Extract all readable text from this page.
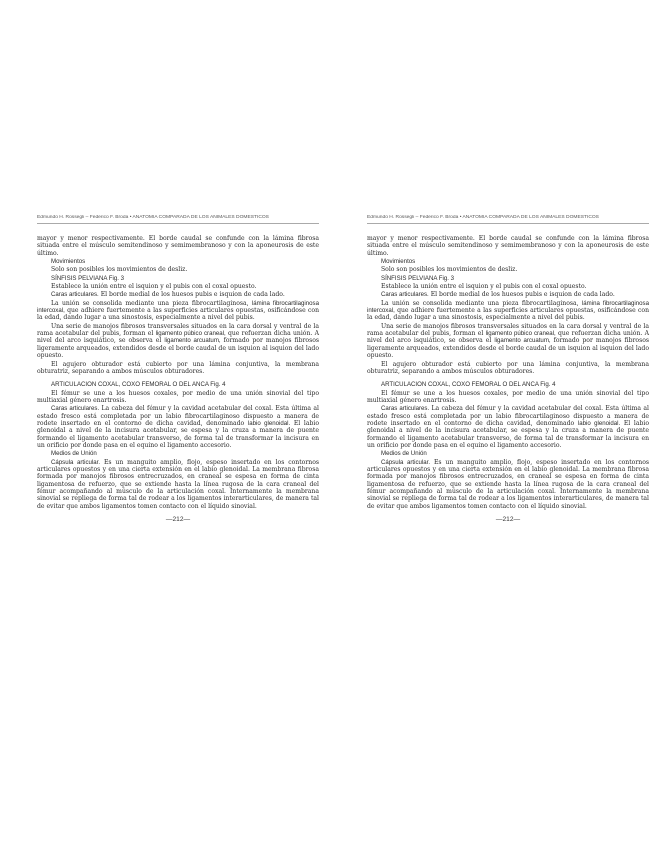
Edmundo H. Rossegli – Federico F. Broda • ANATOMIA COMPARADA DE LOS ANIMALES DOMESTICOS

mayor y menor respectivamente. El borde caudal se confunde con la lámina fibrosa situada entre el músculo semitendinoso y semimembranoso y con la aponeurosis de este último.

Movimientos

Solo son posibles los movimientos de desliz.

SÍNFISIS PELVIANA Fig. 3

Establece la unión entre el isquion y el pubis con el coxal opuesto.

Caras articulares. El borde medial de los huesos pubis e isquion de cada lado.

La unión se consolida mediante una pieza fibrocartilaginosa, lámina fibrocartilaginosa intercoxal, que adhiere fuertemente a las superficies articulares opuestas, osificándose con la edad, dando lugar a una sinostosis, especialmente a nivel del pubis.

Una serie de manojos fibrosos transversales situados en la cara dorsal y ventral de la rama acetabular del pubis, forman el ligamento púbico craneal, que refuerzan dicha unión. A nivel del arco isquiático, se observa el ligamento arcuatum, formado por manojos fibrosos ligeramente arqueados, extendidos desde el borde caudal de un isquion al isquion del lado opuesto.

El agujero obturador está cubierto por una lámina conjuntiva, la membrana obturatriz, separando a ambos músculos obturadores.

ARTICULACION COXAL, COXO FEMORAL O DEL ANCA Fig. 4

El fémur se une a los huesos coxales, por medio de una unión sinovial del tipo multiaxial género enartrosis.

Caras articulares. La cabeza del fémur y la cavidad acetabular del coxal. Esta última al estado fresco está completada por un labio fibrocartilaginoso dispuesto a manera de rodete insertado en el contorno de dicha cavidad, denominado labio glenoidal. El labio glenoidal a nivel de la incisura acetabular, se espesa y la cruza a manera de puente formando el ligamento acetabular transverso, de forma tal de transformar la incisura en un orificio por donde pasa en el equino el ligamento accesorio.

Medios de Unión

Cápsula articular. Es un manguito amplio, flojo, espeso insertado en los contornos articulares opuestos y en una cierta extensión en el labio glenoidal. La membrana fibrosa formada por manojos fibrosos entrecruzados, en craneal se espesa en forma de cinta ligamentosa de refuerzo, que se extiende hasta la línea rugosa de la cara craneal del fémur acompañando al músculo de la articulación coxal. Internamente la membrana sinovial se repliega de forma tal de rodear a los ligamentos interarticulares, de manera tal de evitar que ambos ligamentos tomen contacto con el líquido sinovial.

—212—
Edmundo H. Rossegli – Federico F. Broda • ANATOMIA COMPARADA DE LOS ANIMALES DOMESTICOS

mayor y menor respectivamente. El borde caudal se confunde con la lámina fibrosa situada entre el músculo semitendinoso y semimembranoso y con la aponeurosis de este último.

Movimientos

Solo son posibles los movimientos de desliz.

SÍNFISIS PELVIANA Fig. 3

Establece la unión entre el isquion y el pubis con el coxal opuesto.

Caras articulares. El borde medial de los huesos pubis e isquion de cada lado.

La unión se consolida mediante una pieza fibrocartilaginosa, lámina fibrocartilaginosa intercoxal, que adhiere fuertemente a las superficies articulares opuestas, osificándose con la edad, dando lugar a una sinostosis, especialmente a nivel del pubis.

Una serie de manojos fibrosos transversales situados en la cara dorsal y ventral de la rama acetabular del pubis, forman el ligamento púbico craneal, que refuerzan dicha unión. A nivel del arco isquiático, se observa el ligamento arcuatum, formado por manojos fibrosos ligeramente arqueados, extendidos desde el borde caudal de un isquion al isquion del lado opuesto.

El agujero obturador está cubierto por una lámina conjuntiva, la membrana obturatriz, separando a ambos músculos obturadores.

ARTICULACION COXAL, COXO FEMORAL O DEL ANCA Fig. 4

El fémur se une a los huesos coxales, por medio de una unión sinovial del tipo multiaxial género enartrosis.

Caras articulares. La cabeza del fémur y la cavidad acetabular del coxal. Esta última al estado fresco está completada por un labio fibrocartilaginoso dispuesto a manera de rodete insertado en el contorno de dicha cavidad, denominado labio glenoidal. El labio glenoidal a nivel de la incisura acetabular, se espesa y la cruza a manera de puente formando el ligamento acetabular transverso, de forma tal de transformar la incisura en un orificio por donde pasa en el equino el ligamento accesorio.

Medios de Unión

Cápsula articular. Es un manguito amplio, flojo, espeso insertado en los contornos articulares opuestos y en una cierta extensión en el labio glenoidal. La membrana fibrosa formada por manojos fibrosos entrecruzados, en craneal se espesa en forma de cinta ligamentosa de refuerzo, que se extiende hasta la línea rugosa de la cara craneal del fémur acompañando al músculo de la articulación coxal. Internamente la membrana sinovial se repliega de forma tal de rodear a los ligamentos interarticulares, de manera tal de evitar que ambos ligamentos tomen contacto con el líquido sinovial.

—212—
